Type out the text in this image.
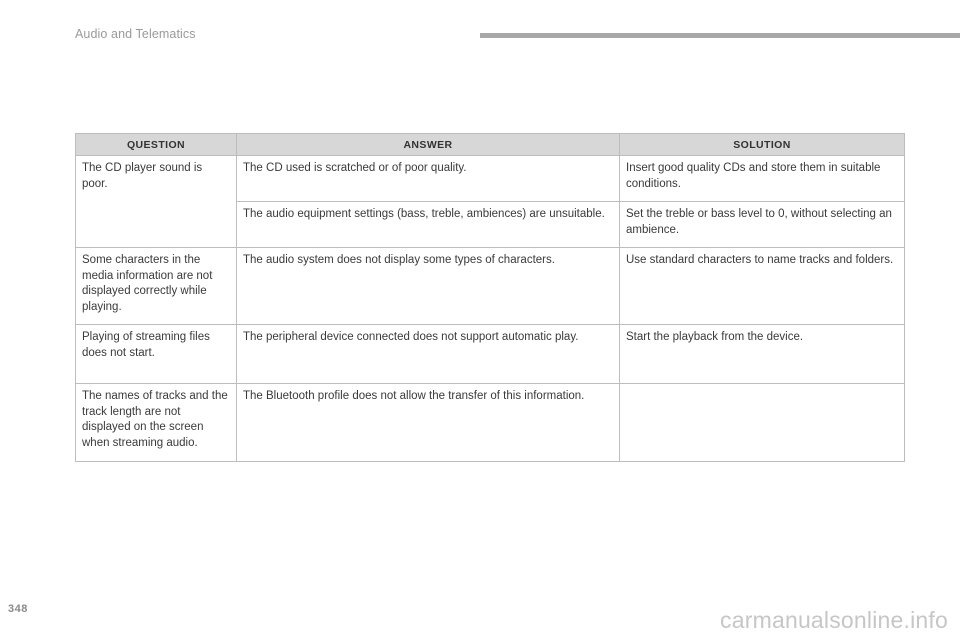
Audio and Telematics
QUESTION	ANSWER	SOLUTION
The CD player sound is poor.	The CD used is scratched or of poor quality.	Insert good quality CDs and store them in suitable conditions.
	The audio equipment settings (bass, treble, ambiences) are unsuitable.	Set the treble or bass level to 0, without selecting an ambience.
Some characters in the media information are not displayed correctly while playing.	The audio system does not display some types of characters.	Use standard characters to name tracks and folders.
Playing of streaming files does not start.	The peripheral device connected does not support automatic play.	Start the playback from the device.
The names of tracks and the track length are not displayed on the screen when streaming audio.	The Bluetooth profile does not allow the transfer of this information.	
348	carmanualsonline.info
